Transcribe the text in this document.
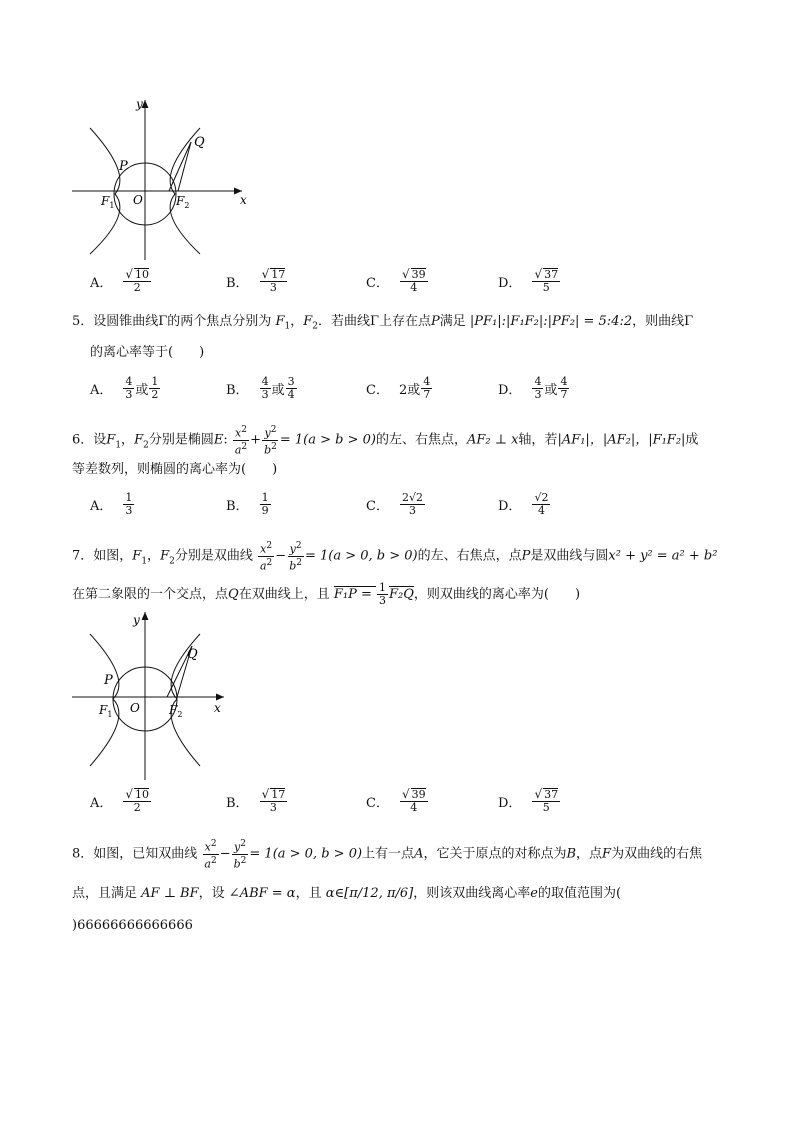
y
x
P
Q
O
$F_1$	$F_2$
A． $\frac{√ 10}{2}$	B． $\frac{√ 17}{3}$	C． $\frac{√ 39}{4}$	D． $\frac{√ 37}{5}$
5．设圆锥曲线Γ的两个焦点分别为 $F_1$，$F_2$．若曲线Γ上存在点P满足 |PF₁|:|F₁F₂|:|PF₂| = 5:4:2，则曲线Γ
的离心率等于(　　)
A． $\frac{4}{3}$ 或 $\frac{1}{2}$	B． $\frac{4}{3}$ 或 $\frac{3}{4}$	C． 2或 $\frac{4}{7}$	D． $\frac{4}{3}$ 或 $\frac{4}{7}$
6．设$F_1$，$F_2$分别是椭圆E: $\frac{x^2}{a^2} + \frac{y^2}{b^2} = 1(a > b > 0)$的左、右焦点，AF₂ ⊥ x轴，若|AF₁|，|AF₂|，|F₁F₂|成
等差数列，则椭圆的离心率为(　　)
A． $\frac{1}{3}$	B． $\frac{1}{9}$	C． $\frac{2√2}{3}$	D． $\frac{√2}{4}$
7．如图，$F_1$，$F_2$分别是双曲线 $\frac{x^2}{a^2} - \frac{y^2}{b^2} = 1(a > 0$, b > 0)的左、右焦点，点P是双曲线与圆x² + y² = a² + b²
在第二象限的一个交点，点Q在双曲线上，且 $F_1P = \frac{1}{3} F_2Q$，则双曲线的离心率为(　　)
y
x
P
Q
O
$F_1$	$F_2$
A． $\frac{√ 10}{2}$	B． $\frac{√ 17}{3}$	C． $\frac{√ 39}{4}$	D． $\frac{√ 37}{5}$
8．如图，已知双曲线 $\frac{x^2}{a^2} - \frac{y^2}{b^2} = 1(a > 0$, b > 0)上有一点A，它关于原点的对称点为B，点F为双曲线的右焦
点，且满足 AF ⊥ BF，设 ∠ABF = α，且 α∈[π/12, π/6]，则该双曲线离心率e的取值范围为(
)66666666666666
